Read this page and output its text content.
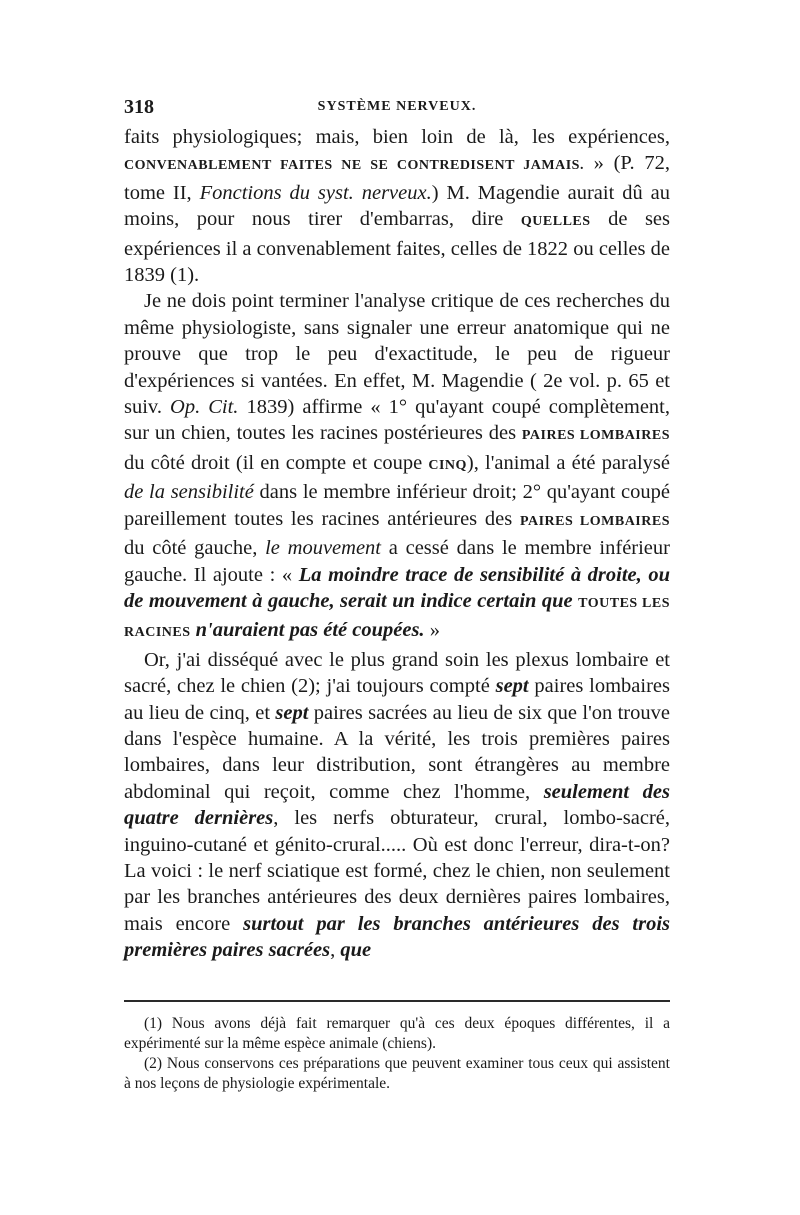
318	SYSTÈME NERVEUX.

faits physiologiques; mais, bien loin de là, les expériences, CONVENABLEMENT FAITES NE SE CONTREDISENT JAMAIS. » (P. 72, tome II, Fonctions du syst. nerveux.) M. Magendie aurait dû au moins, pour nous tirer d'embarras, dire QUELLES de ses expériences il a convenablement faites, celles de 1822 ou celles de 1839 (1).

Je ne dois point terminer l'analyse critique de ces recherches du même physiologiste, sans signaler une erreur anatomique qui ne prouve que trop le peu d'exactitude, le peu de rigueur d'expériences si vantées. En effet, M. Magendie ( 2e vol. p. 65 et suiv. Op. Cit. 1839) affirme « 1° qu'ayant coupé complètement, sur un chien, toutes les racines postérieures des PAIRES LOMBAIRES du côté droit (il en compte et coupe CINQ), l'animal a été paralysé de la sensibilité dans le membre inférieur droit; 2° qu'ayant coupé pareillement toutes les racines antérieures des PAIRES LOMBAIRES du côté gauche, le mouvement a cessé dans le membre inférieur gauche. Il ajoute : « La moindre trace de sensibilité à droite, ou de mouvement à gauche, serait un indice certain que TOUTES LES RACINES n'auraient pas été coupées. »

Or, j'ai disséqué avec le plus grand soin les plexus lombaire et sacré, chez le chien (2); j'ai toujours compté sept paires lombaires au lieu de cinq, et sept paires sacrées au lieu de six que l'on trouve dans l'espèce humaine. A la vérité, les trois premières paires lombaires, dans leur distribution, sont étrangères au membre abdominal qui reçoit, comme chez l'homme, seulement des quatre dernières, les nerfs obturateur, crural, lombo-sacré, inguino-cutané et génito-crural..... Où est donc l'erreur, dira-t-on? La voici : le nerf sciatique est formé, chez le chien, non seulement par les branches antérieures des deux dernières paires lombaires, mais encore surtout par les branches antérieures des trois premières paires sacrées, que

(1) Nous avons déjà fait remarquer qu'à ces deux époques différentes, il a expérimenté sur la même espèce animale (chiens).

(2) Nous conservons ces préparations que peuvent examiner tous ceux qui assistent à nos leçons de physiologie expérimentale.
